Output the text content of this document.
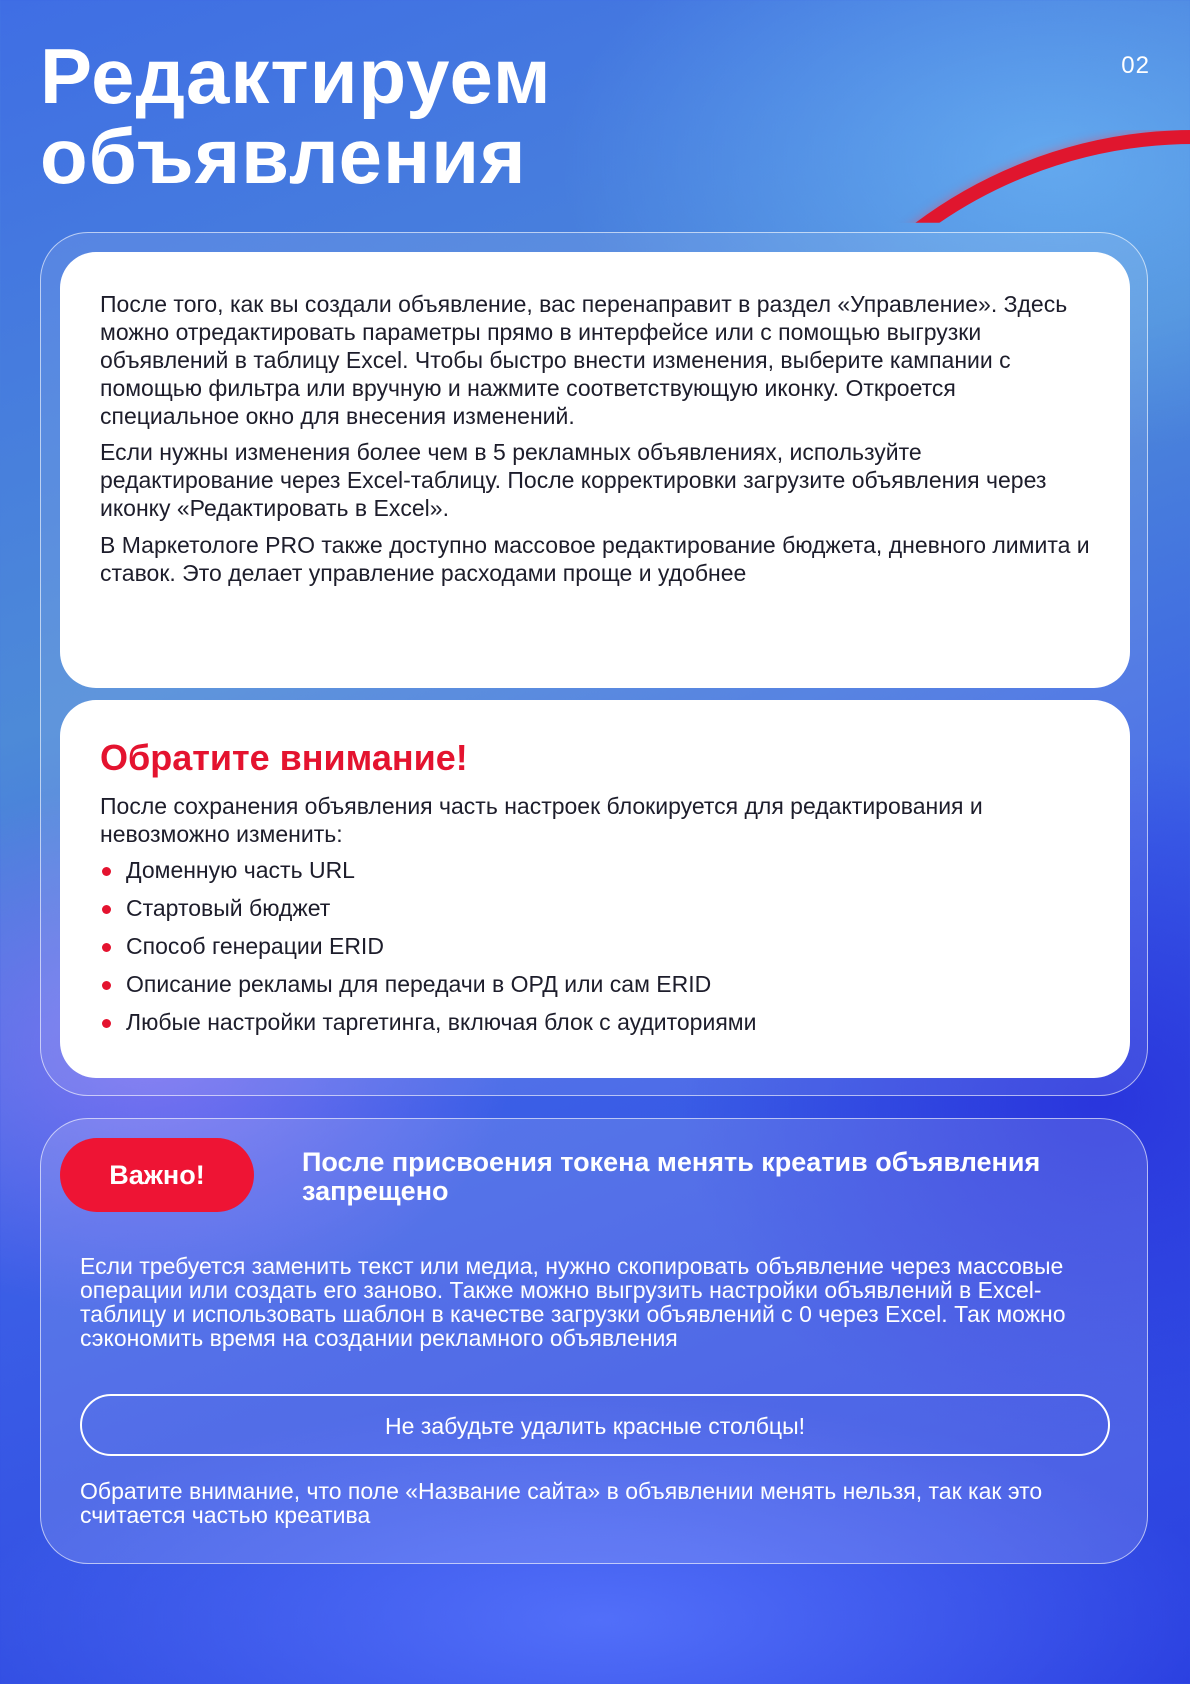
Редактируем
объявления
02

После того, как вы создали объявление, вас перенаправит в раздел «Управление». Здесь можно отредактировать параметры прямо в интерфейсе или с помощью выгрузки объявлений в таблицу Excel. Чтобы быстро внести изменения, выберите кампании с помощью фильтра или вручную и нажмите соответствующую иконку. Откроется специальное окно для внесения изменений.

Если нужны изменения более чем в 5 рекламных объявлениях, используйте редактирование через Excel-таблицу. После корректировки загрузите объявления через иконку «Редактировать в Excel».

В Маркетологе PRO также доступно массовое редактирование бюджета, дневного лимита и ставок. Это делает управление расходами проще и удобнее

Обратите внимание!

После сохранения объявления часть настроек блокируется для редактирования и невозможно изменить:

Доменную часть URL
Стартовый бюджет
Способ генерации ERID
Описание рекламы для передачи в ОРД или сам ERID
Любые настройки таргетинга, включая блок с аудиториями
Важно!	После присвоения токена менять креатив объявления запрещено

Если требуется заменить текст или медиа, нужно скопировать объявление через массовые операции или создать его заново. Также можно выгрузить настройки объявлений в Excel-таблицу и использовать шаблон в качестве загрузки объявлений с 0 через Excel. Так можно сэкономить время на создании рекламного объявления

Не забудьте удалить красные столбцы!

Обратите внимание, что поле «Название сайта» в объявлении менять нельзя, так как это считается частью креатива
